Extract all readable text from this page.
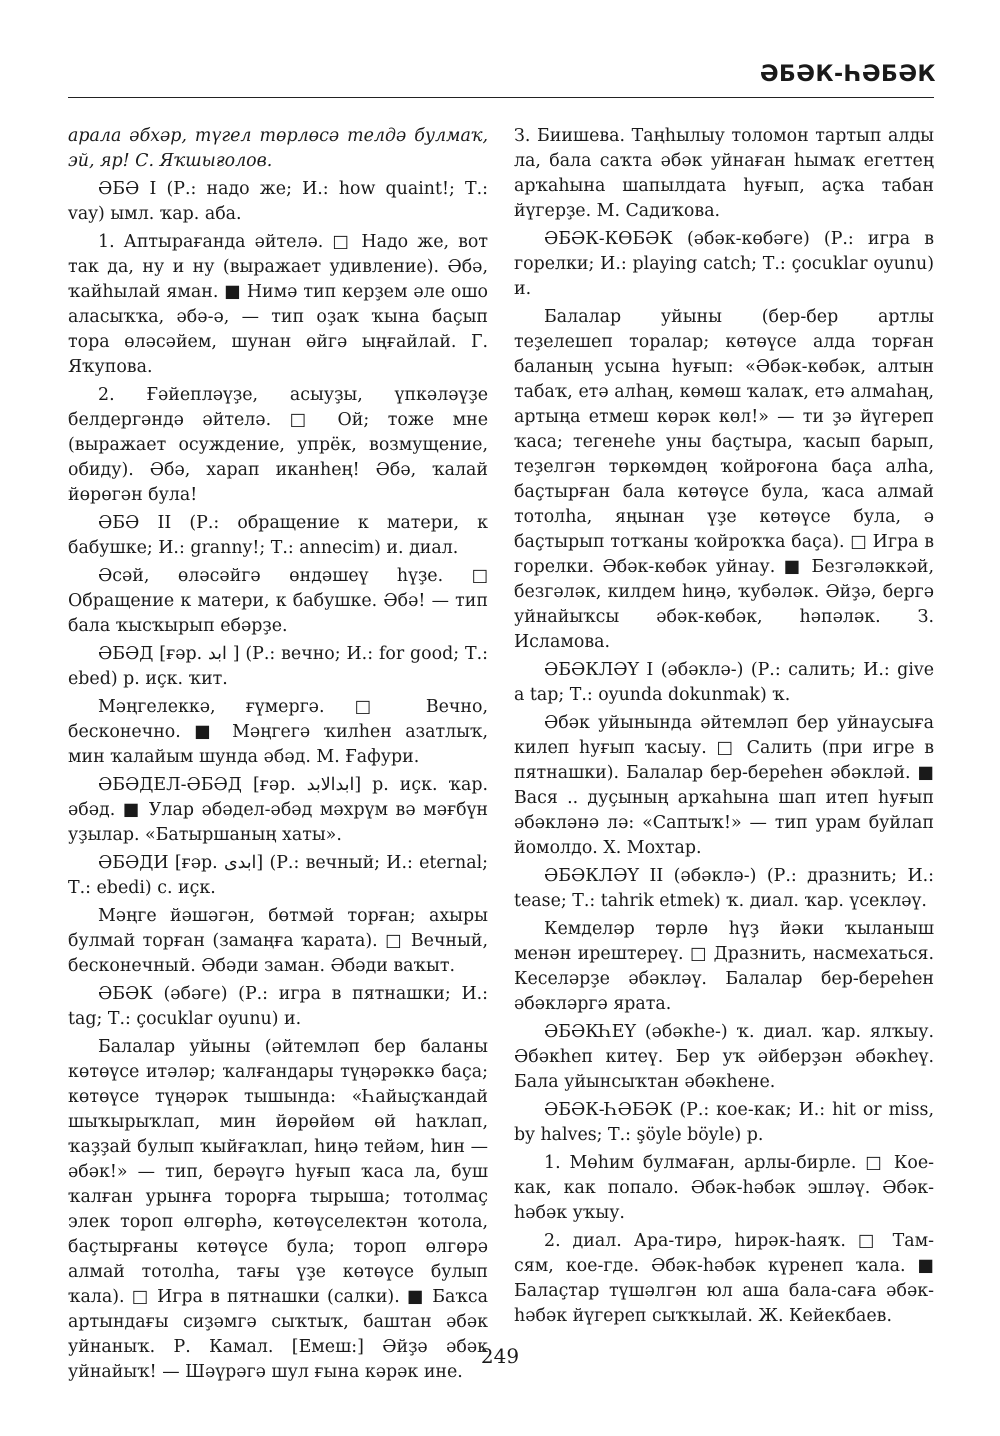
ӘБӘК-ҺӘБӘК

арала әбхәр, түгел төрлөсә телдә булмаҡ, эй, яр! С. Яҡшығолов.

ӘБӘ I (Р.: надо же; И.: how quaint!; Т.: vay) ымл. ҡар. аба.

1. Аптырағанда әйтелә. □ Надо же, вот так да, ну и ну (выражает удивление). Әбә, ҡайһылай яман. ■ Нимә тип керҙем әле ошо аласыҡҡа, әбә-ә, — тип оҙаҡ ҡына баҫып тора өләсәйем, шунан өйгә ыңғайлай. Г. Яҡупова.

2. Ғәйепләүҙе, асыуҙы, үпкәләүҙе белдергәндә әйтелә. □ Ой; тоже мне (выражает осуждение, упрёк, возмущение, обиду). Әбә, харап иканһең! Әбә, ҡалай йөрөгән була!

ӘБӘ II (Р.: обращение к матери, к бабушке; И.: granny!; Т.: annecim) и. диал.

Әсәй, өләсәйгә өндәшеү һүҙе. □ Обращение к матери, к бабушке. Әбә! — тип бала ҡысҡырып ебәрҙе.

ӘБӘД [ғәр. ابد ] (Р.: вечно; И.: for good; Т.: ebed) р. иҫк. ҡит.

Мәңгелеккә, ғүмергә. □ Вечно, бесконечно. ■ Мәңгегә ҡилһен азатлыҡ, мин ҡалайым шунда әбәд. М. Ғафури.

ӘБӘДЕЛ-ӘБӘД [ғәр. ابدالابد] р. иҫк. ҡар. әбәд. ■ Улар әбәдел-әбәд мәхрүм вә мәғбүн уҙылар. «Батыршаның хаты».

ӘБӘДИ [ғәр. ابدی] (Р.: вечный; И.: eternal; Т.: ebedi) с. иҫк.

Мәңге йәшәгән, бөтмәй торған; ахыры булмай торған (замаңға ҡарата). □ Вечный, бесконечный. Әбәди заман. Әбәди ваҡыт.

ӘБӘК (әбәге) (Р.: игра в пятнашки; И.: tag; Т.: çocuklar oyunu) и.

Балалар уйыны (әйтемләп бер баланы көтөүсе итәләр; ҡалғандары түңәрәккә баҫа; көтөүсе түңәрәк тышында: «Һайыҫҡандай шыҡырыҡлап, мин йөрөйөм өй һаҡлап, ҡаҙҙай булып ҡыйғаҡлап, һиңә тейәм, һин — әбәк!» — тип, берәүгә һуғып ҡаса ла, буш ҡалған урынға торорға тырыша; тотолмаҫ элек тороп өлгөрһә, көтөүселектән ҡотола, баҫтырғаны көтөүсе була; тороп өлгөрә алмай тотолһа, тағы үҙе көтөүсе булып ҡала). □ Игра в пятнашки (салки). ■ Баҡса артындағы сиҙәмгә сыҡтыҡ, баштан әбәк уйнаныҡ. Р. Камал. [Емеш:] Әйҙә әбәк уйнайыҡ! — Шәүрәгә шул ғына кәрәк ине.

З. Биишева. Таңһылыу толомон тартып алды ла, бала саҡта әбәк уйнаған һымаҡ егеттең арҡаһына шапылдата һуғып, аҫҡа табан йүгерҙе. М. Садиҡова.

ӘБӘК-КӨБӘК (әбәк-көбәге) (Р.: игра в горелки; И.: playing catch; Т.: çocuklar oyunu) и.

Балалар уйыны (бер-бер артлы теҙелешеп торалар; көтөүсе алда торған баланың усына һуғып: «Әбәк-көбәк, алтын табаҡ, етә алһаң, көмөш ҡалаҡ, етә алмаһаң, артыңа етмеш көрәк көл!» — ти ҙә йүгереп ҡаса; тегенеһе уны баҫтыра, ҡасып барып, теҙелгән төркөмдөң ҡойроғона баҫа алһа, баҫтырған бала көтөүсе була, ҡаса алмай тотолһа, яңынан үҙе көтөүсе була, ә баҫтырып тотҡаны ҡойроҡҡа баҫа). □ Игра в горелки. Әбәк-көбәк уйнау. ■ Безгәләккәй, безгәләк, килдем һиңә, ҡубәләк. Әйҙә, бергә уйнайыҡсы әбәк-көбәк, һәпәләк. З. Исламова.

ӘБӘКЛӘҮ I (әбәклә-) (Р.: салить; И.: give a tap; Т.: oyunda dokunmak) ҡ.

Әбәк уйынында әйтемләп бер уйнаусыға килеп һуғып ҡасыу. □ Салить (при игре в пятнашки). Балалар бер-береһен әбәкләй. ■ Вася .. дуҫының арҡаһына шап итеп һуғып әбәкләнә лә: «Саптыҡ!» — тип урам буйлап йомолдо. Х. Мохтар.

ӘБӘКЛӘҮ II (әбәклә-) (Р.: дразнить; И.: tease; Т.: tahrik etmek) ҡ. диал. ҡар. үсекләү.

Кемделәр төрлө һүҙ йәки ҡыланыш менән ирештереү. □ Дразнить, насмехаться. Кеселәрҙе әбәкләү. Балалар бер-береһен әбәкләргә ярата.

ӘБӘКҺЕҮ (әбәкһе-) ҡ. диал. ҡар. ялҡыу. Әбәкһеп китеү. Бер уҡ әйберҙән әбәкһеү. Бала уйынсыҡтан әбәкһене.

ӘБӘК-ҺӘБӘК (Р.: кое-как; И.: hit or miss, by halves; Т.: şöyle böyle) р.

1. Мөһим булмаған, арлы-бирле. □ Кое-как, как попало. Әбәк-һәбәк эшләү. Әбәк-һәбәк уҡыу.

2. диал. Ара-тирә, һирәк-һаяҡ. □ Там-сям, кое-где. Әбәк-һәбәк күренеп ҡала. ■ Балаҫтар түшәлгән юл аша бала-саға әбәк-һәбәк йүгереп сыҡҡылай. Ж. Кейекбаев.

249
